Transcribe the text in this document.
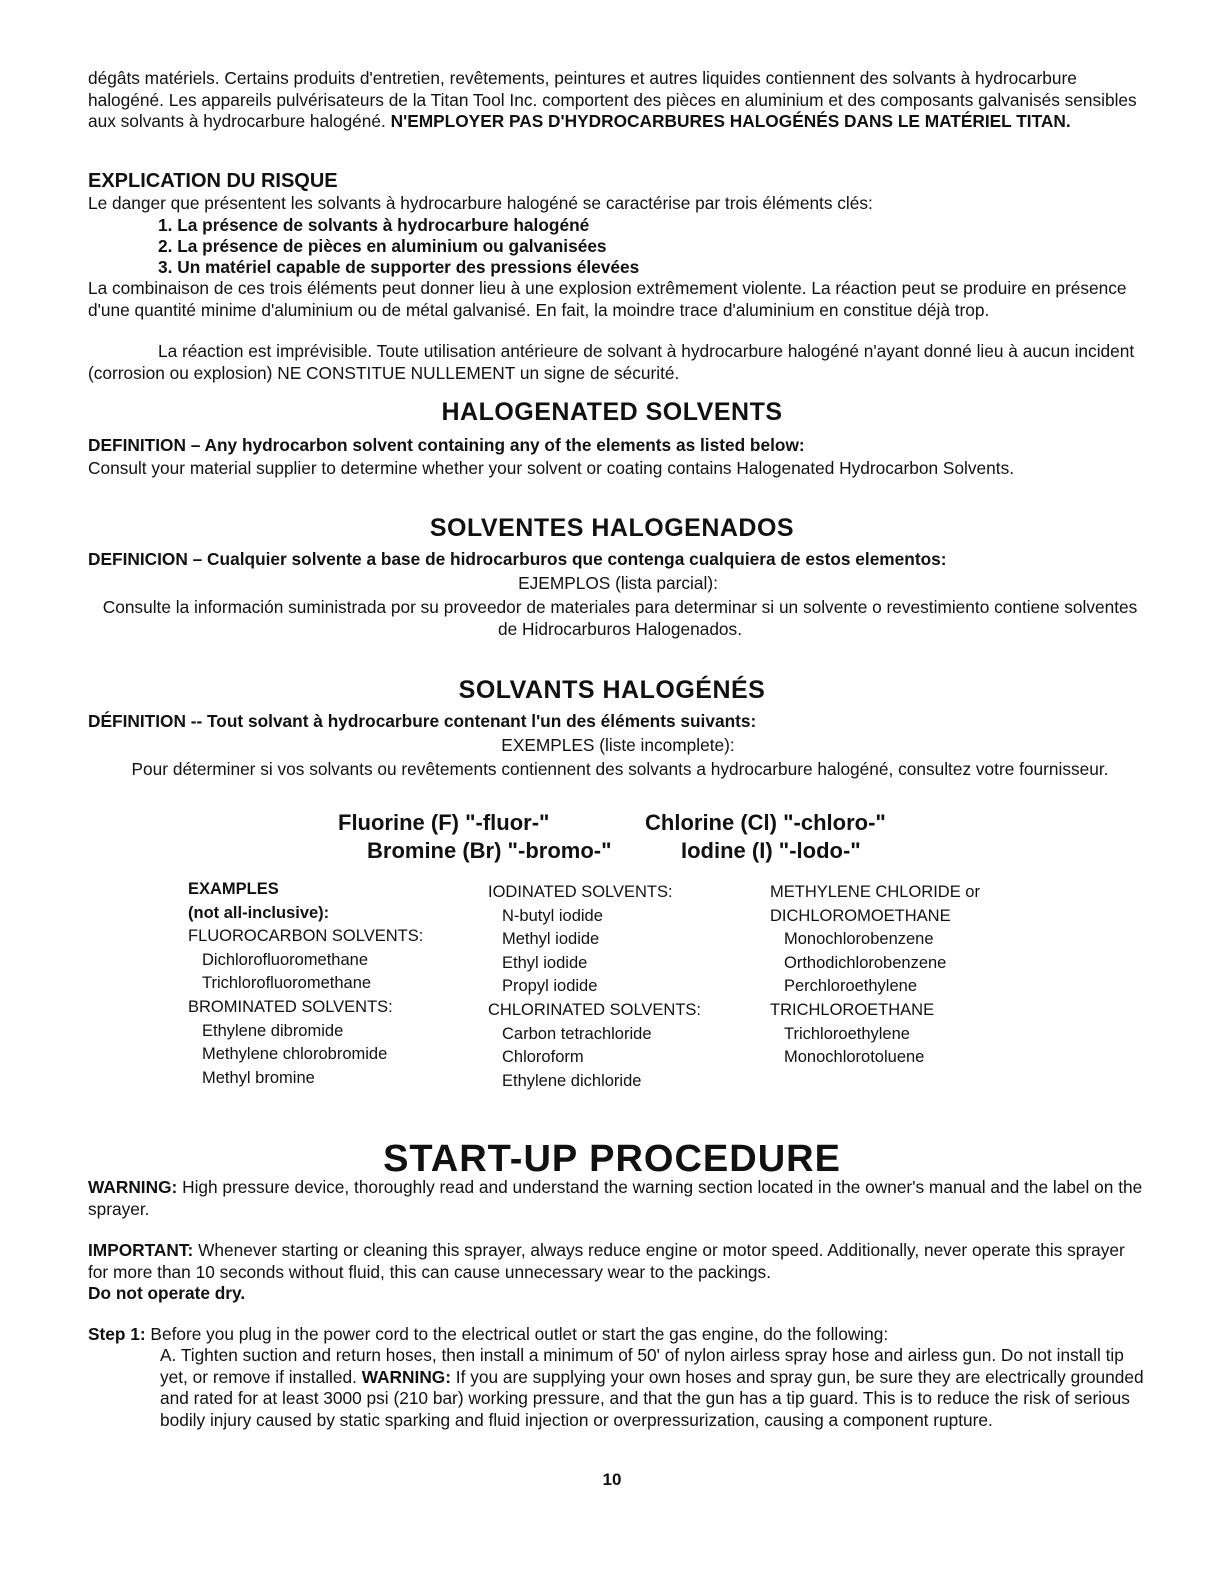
dégâts matériels. Certains produits d'entretien, revêtements, peintures et autres liquides contiennent des solvants à hydrocarbure halogéné. Les appareils pulvérisateurs de la Titan Tool Inc. comportent des pièces en aluminium et des composants galvanisés sensibles aux solvants à hydrocarbure halogéné. N'EMPLOYER PAS D'HYDROCARBURES HALOGÉNÉS DANS LE MATÉRIEL TITAN.
EXPLICATION DU RISQUE
Le danger que présentent les solvants à hydrocarbure halogéné se caractérise par trois éléments clés:
1. La présence de solvants à hydrocarbure halogéné
2. La présence de pièces en aluminium ou galvanisées
3. Un matériel capable de supporter des pressions élevées
La combinaison de ces trois éléments peut donner lieu à une explosion extrêmement violente. La réaction peut se produire en présence d'une quantité minime d'aluminium ou de métal galvanisé. En fait, la moindre trace d'aluminium en constitue déjà trop.
La réaction est imprévisible. Toute utilisation antérieure de solvant à hydrocarbure halogéné n'ayant donné lieu à aucun incident (corrosion ou explosion) NE CONSTITUE NULLEMENT un signe de sécurité.
HALOGENATED SOLVENTS
DEFINITION – Any hydrocarbon solvent containing any of the elements as listed below:
Consult your material supplier to determine whether your solvent or coating contains Halogenated Hydrocarbon Solvents.
SOLVENTES HALOGENADOS
DEFINICION – Cualquier solvente a base de hidrocarburos que contenga cualquiera de estos elementos:
EJEMPLOS (lista parcial):
Consulte la información suministrada por su proveedor de materiales para determinar si un solvente o revestimiento contiene solventes de Hidrocarburos Halogenados.
SOLVANTS HALOGÉNÉS
DÉFINITION -- Tout solvant à hydrocarbure contenant l'un des éléments suivants:
EXEMPLES (liste incomplete):
Pour déterminer si vos solvants ou revêtements contiennent des solvants a hydrocarbure halogéné, consultez votre fournisseur.
Fluorine (F) "-fluor-"	Chlorine (Cl) "-chloro-"
Bromine (Br) "-bromo-"	Iodine (I) "-lodo-"
EXAMPLES
(not all-inclusive):
FLUOROCARBON SOLVENTS:
Dichlorofluoromethane
Trichlorofluoromethane
BROMINATED SOLVENTS:
Ethylene dibromide
Methylene chlorobromide
Methyl bromine
IODINATED SOLVENTS:
N-butyl iodide
Methyl iodide
Ethyl iodide
Propyl iodide
CHLORINATED SOLVENTS:
Carbon tetrachloride
Chloroform
Ethylene dichloride
METHYLENE CHLORIDE or
DICHLOROMOETHANE
Monochlorobenzene
Orthodichlorobenzene
Perchloroethylene
TRICHLOROETHANE
Trichloroethylene
Monochlorotoluene
START-UP PROCEDURE
WARNING: High pressure device, thoroughly read and understand the warning section located in the owner's manual and the label on the sprayer.
IMPORTANT: Whenever starting or cleaning this sprayer, always reduce engine or motor speed. Additionally, never operate this sprayer for more than 10 seconds without fluid, this can cause unnecessary wear to the packings.
Do not operate dry.
Step 1: Before you plug in the power cord to the electrical outlet or start the gas engine, do the following:
A. Tighten suction and return hoses, then install a minimum of 50' of nylon airless spray hose and airless gun. Do not install tip yet, or remove if installed. WARNING: If you are supplying your own hoses and spray gun, be sure they are electrically grounded and rated for at least 3000 psi (210 bar) working pressure, and that the gun has a tip guard. This is to reduce the risk of serious bodily injury caused by static sparking and fluid injection or overpressurization, causing a component rupture.
10
